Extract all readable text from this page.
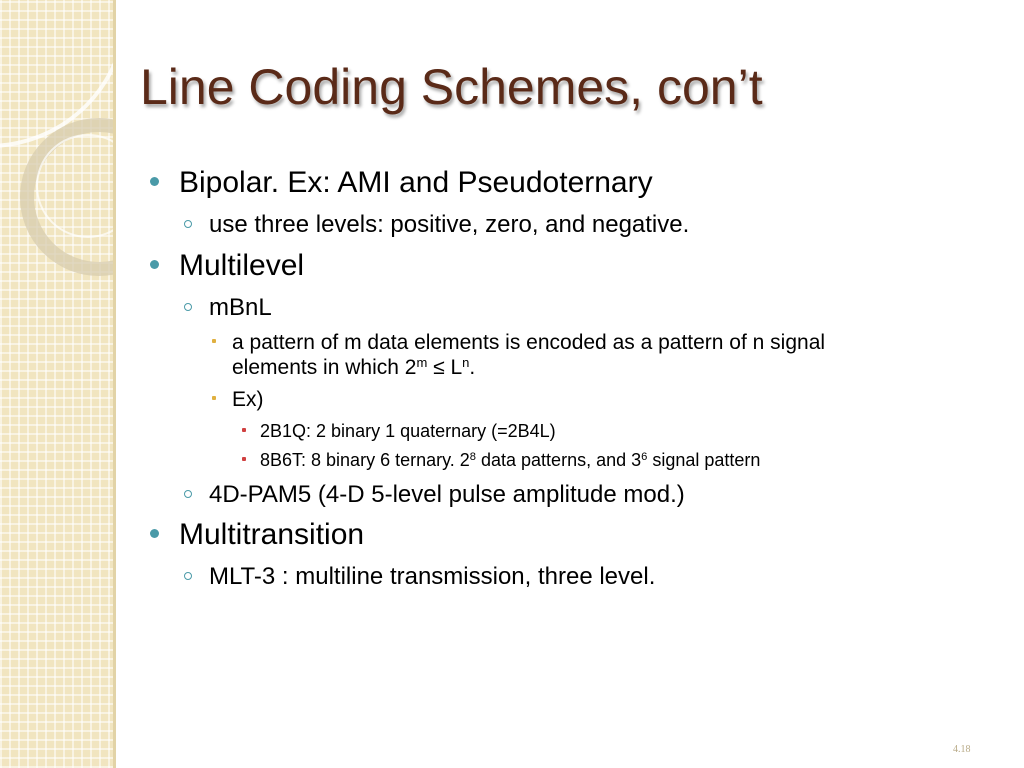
Line Coding Schemes, con’t
Bipolar. Ex: AMI and Pseudoternary
use three levels: positive, zero, and negative.
Multilevel
mBnL
a pattern of m data elements is encoded as a pattern of n signal
elements in which $2^m \le L^n$.
Ex)
2B1Q: 2 binary 1 quaternary (=2B4L)
8B6T: 8 binary 6 ternary. $2^8$ data patterns, and $3^6$ signal pattern
4D-PAM5 (4-D 5-level pulse amplitude mod.)
Multitransition
MLT-3 : multiline transmission, three level.
4.18
